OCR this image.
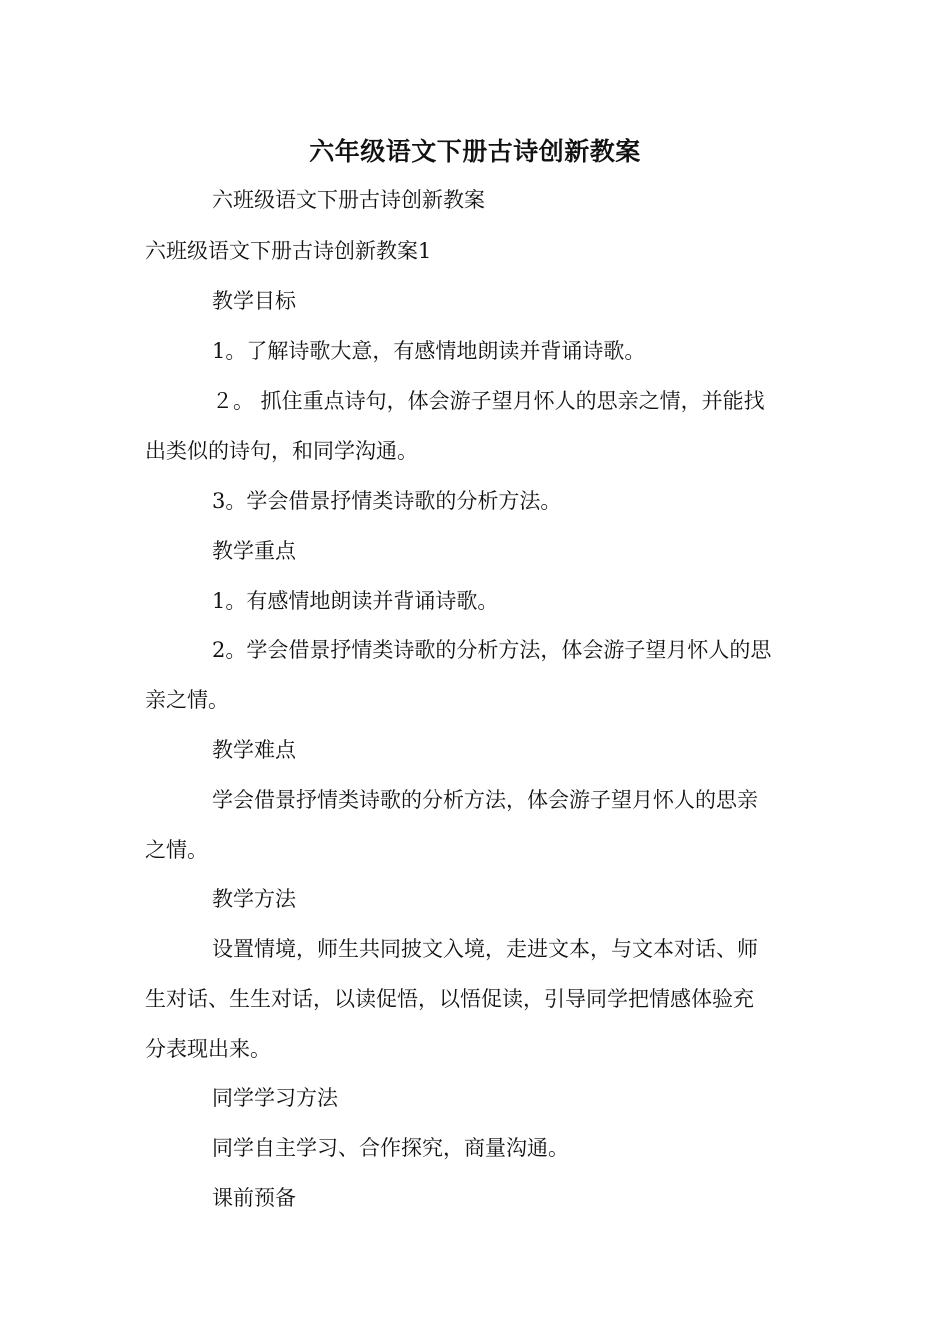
六年级语文下册古诗创新教案

六班级语文下册古诗创新教案

六班级语文下册古诗创新教案1

教学目标

1。了解诗歌大意，有感情地朗读并背诵诗歌。

２。 抓住重点诗句，体会游子望月怀人的思亲之情，并能找
出类似的诗句，和同学沟通。

3。学会借景抒情类诗歌的分析方法。

教学重点

1。有感情地朗读并背诵诗歌。

2。学会借景抒情类诗歌的分析方法，体会游子望月怀人的思
亲之情。

教学难点

学会借景抒情类诗歌的分析方法，体会游子望月怀人的思亲
之情。

教学方法

设置情境，师生共同披文入境，走进文本，与文本对话、师
生对话、生生对话，以读促悟，以悟促读，引导同学把情感体验充
分表现出来。

同学学习方法

同学自主学习、合作探究，商量沟通。

课前预备
